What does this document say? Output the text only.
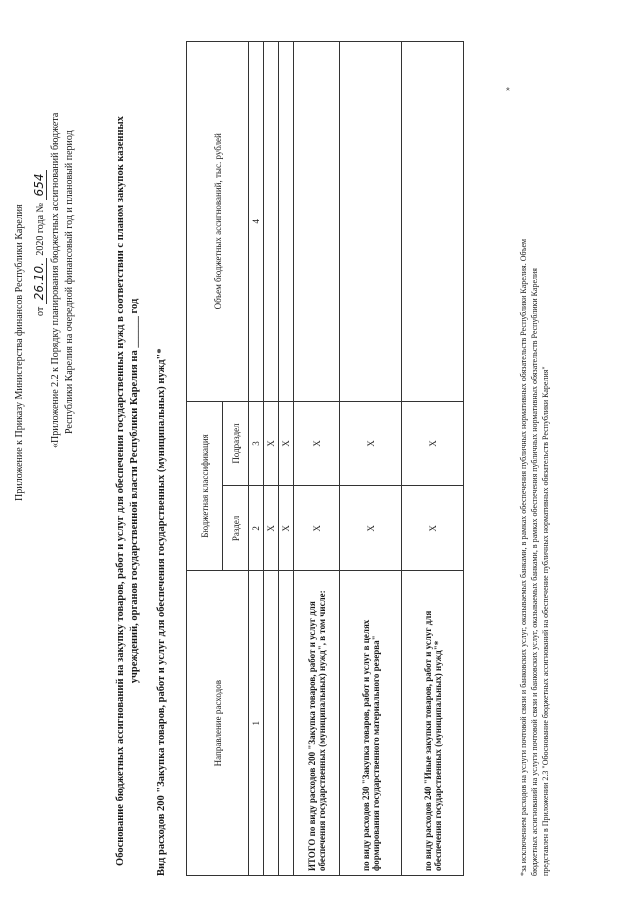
Приложение к Приказу Министерства финансов Республики Карелия	от 26.10. 2020 года № 654 «Приложение 2.2 к Порядку планирования бюджетных ассигнований бюджета Республики Карелия на очередной финансовый год и плановый период	Обоснование бюджетных ассигнований на закупку товаров, работ и услуг для обеспечения государственных нужд в соответствии с планом закупок казенных учреждений, органов государственной власти Республики Карелия на ______ год Вид расходов 200 "Закупка товаров, работ и услуг для обеспечения государственных (муниципальных) нужд"*	Направление расходов	Бюджетная классификация		Объем бюджетных ассигнований, тыс. рублей
	Раздел	Подраздел	
1	2	3	4
	X	X	
	X	X	
ИТОГО по виду расходов 200 "Закупка товаров, работ и услуг для обеспечения государственных (муниципальных) нужд", в том числе:	X	X	
по виду расходов 230 "Закупка товаров, работ и услуг в целях формирования государственного материального резерва"	X	X	
по виду расходов 240 "Иные закупки товаров, работ и услуг для обеспечения государственных (муниципальных) нужд"*	X	X		*за исключением расходов на услуги почтовой связи и банковских услуг, оказываемых банками, в рамках обеспечения публичных нормативных обязательств Республики Карелия. Объем бюджетных ассигнований на услуги почтовой связи и банковских услуг, оказываемых банками, в рамках обеспечения публичных нормативных обязательств Республики Карелия представлен в Приложении 2.3 "Обоснование бюджетных ассигнований на обеспечение публичных нормативных обязательств Республики Карелия"
»
